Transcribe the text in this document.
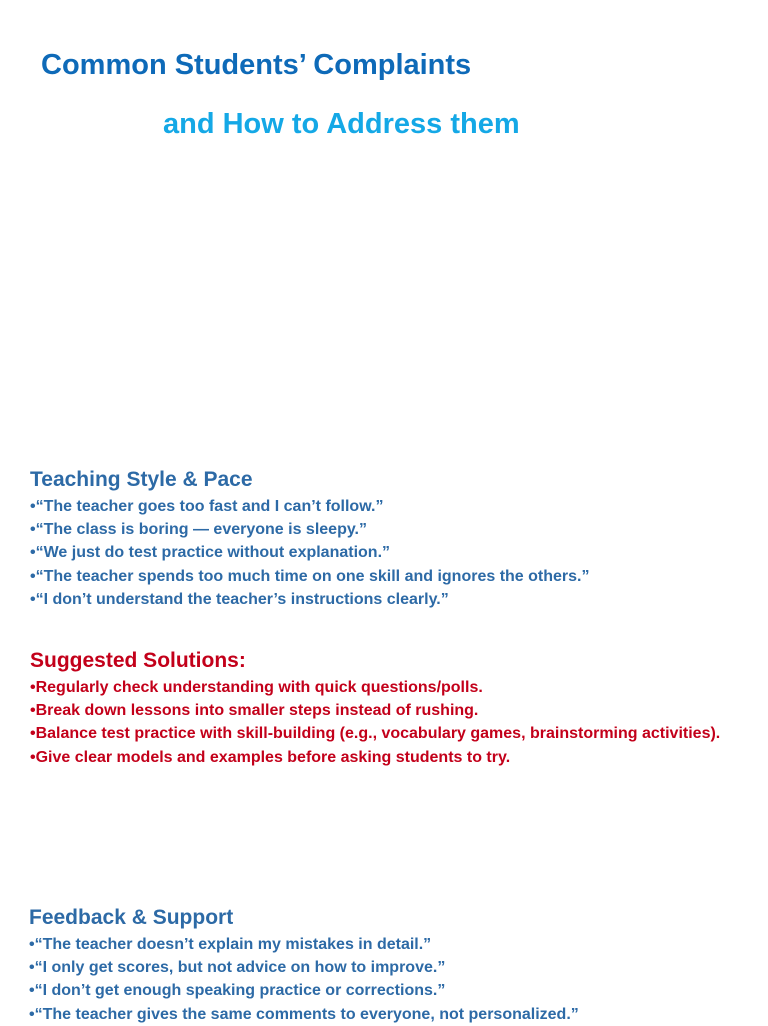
Common Students’ Complaints
and How to Address them
Teaching Style & Pace
•“The teacher goes too fast and I can’t follow.”
•“The class is boring — everyone is sleepy.”
•“We just do test practice without explanation.”
•“The teacher spends too much time on one skill and ignores the others.”
•“I don’t understand the teacher’s instructions clearly.”
Suggested Solutions:
•Regularly check understanding with quick questions/polls.
•Break down lessons into smaller steps instead of rushing.
•Balance test practice with skill-building (e.g., vocabulary games, brainstorming activities).
•Give clear models and examples before asking students to try.
Feedback & Support
•“The teacher doesn’t explain my mistakes in detail.”
•“I only get scores, but not advice on how to improve.”
•“I don’t get enough speaking practice or corrections.”
•“The teacher gives the same comments to everyone, not personalized.”
